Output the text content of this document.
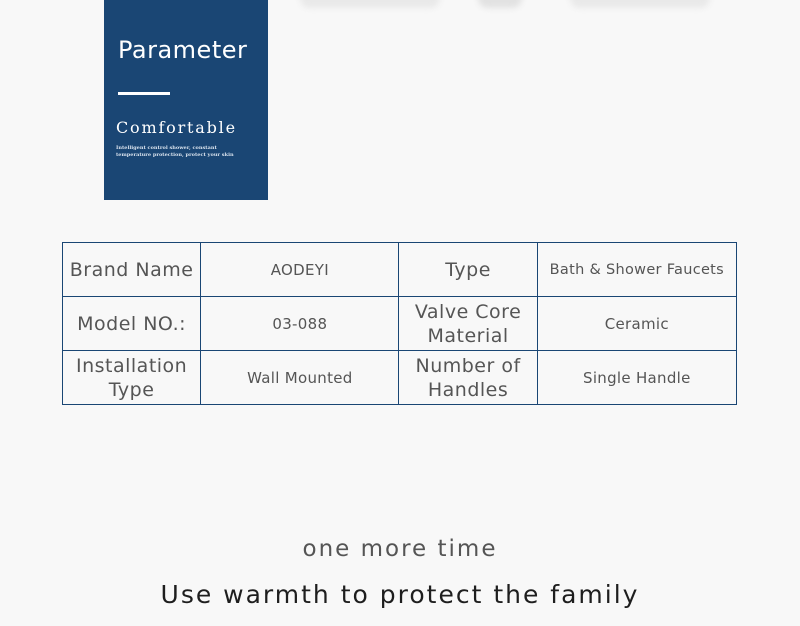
Parameter
Comfortable
Intelligent control shower, constant temperature protection, protect your skin
Brand Name	AODEYI	Type	Bath & Shower Faucets
Model NO.:	03-088	Valve Core Material	Ceramic
Installation Type	Wall Mounted	Number of Handles	Single Handle
one more time
Use warmth to protect the family
